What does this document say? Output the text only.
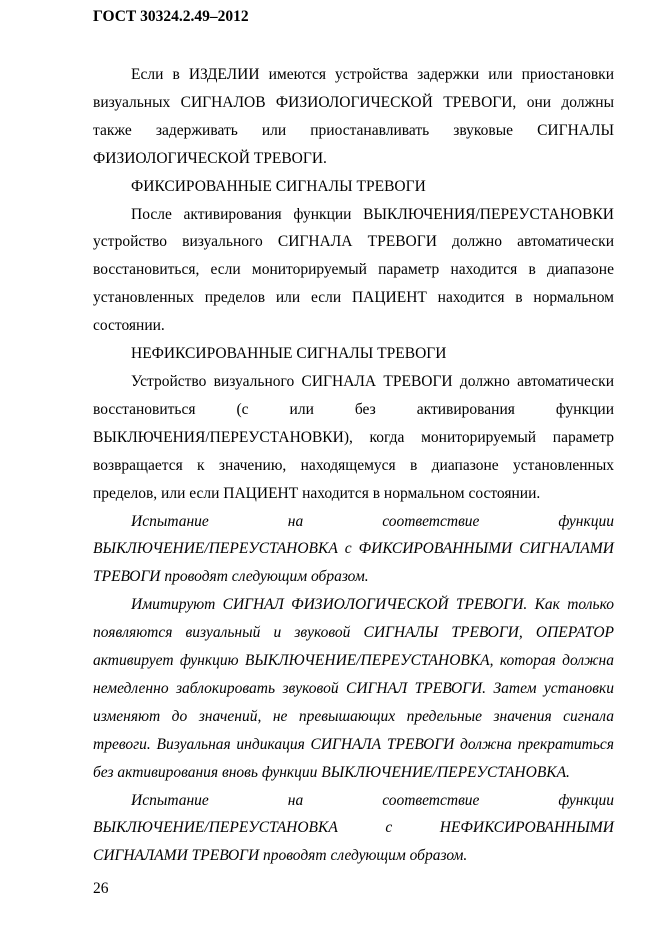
ГОСТ 30324.2.49–2012
Если в ИЗДЕЛИИ имеются устройства задержки или приостановки
визуальных СИГНАЛОВ ФИЗИОЛОГИЧЕСКОЙ ТРЕВОГИ, они должны
также задерживать или приостанавливать звуковые СИГНАЛЫ
ФИЗИОЛОГИЧЕСКОЙ ТРЕВОГИ.
ФИКСИРОВАННЫЕ СИГНАЛЫ ТРЕВОГИ
После активирования функции ВЫКЛЮЧЕНИЯ/ПЕРЕУСТАНОВКИ
устройство визуального СИГНАЛА ТРЕВОГИ должно автоматически
восстановиться, если мониторируемый параметр находится в диапазоне
установленных пределов или если ПАЦИЕНТ находится в нормальном
состоянии.
НЕФИКСИРОВАННЫЕ СИГНАЛЫ ТРЕВОГИ
Устройство визуального СИГНАЛА ТРЕВОГИ должно автоматически
восстановиться (с или без активирования функции
ВЫКЛЮЧЕНИЯ/ПЕРЕУСТАНОВКИ), когда мониторируемый параметр
возвращается к значению, находящемуся в диапазоне установленных
пределов, или если ПАЦИЕНТ находится в нормальном состоянии.
Испытание на соответствие функции
ВЫКЛЮЧЕНИЕ/ПЕРЕУСТАНОВКА с ФИКСИРОВАННЫМИ СИГНАЛАМИ
ТРЕВОГИ проводят следующим образом.
Имитируют СИГНАЛ ФИЗИОЛОГИЧЕСКОЙ ТРЕВОГИ. Как только
появляются визуальный и звуковой СИГНАЛЫ ТРЕВОГИ, ОПЕРАТОР
активирует функцию ВЫКЛЮЧЕНИЕ/ПЕРЕУСТАНОВКА, которая должна
немедленно заблокировать звуковой СИГНАЛ ТРЕВОГИ. Затем установки
изменяют до значений, не превышающих предельные значения сигнала
тревоги. Визуальная индикация СИГНАЛА ТРЕВОГИ должна прекратиться
без активирования вновь функции ВЫКЛЮЧЕНИЕ/ПЕРЕУСТАНОВКА.
Испытание на соответствие функции
ВЫКЛЮЧЕНИЕ/ПЕРЕУСТАНОВКА с НЕФИКСИРОВАННЫМИ
СИГНАЛАМИ ТРЕВОГИ проводят следующим образом.
26
